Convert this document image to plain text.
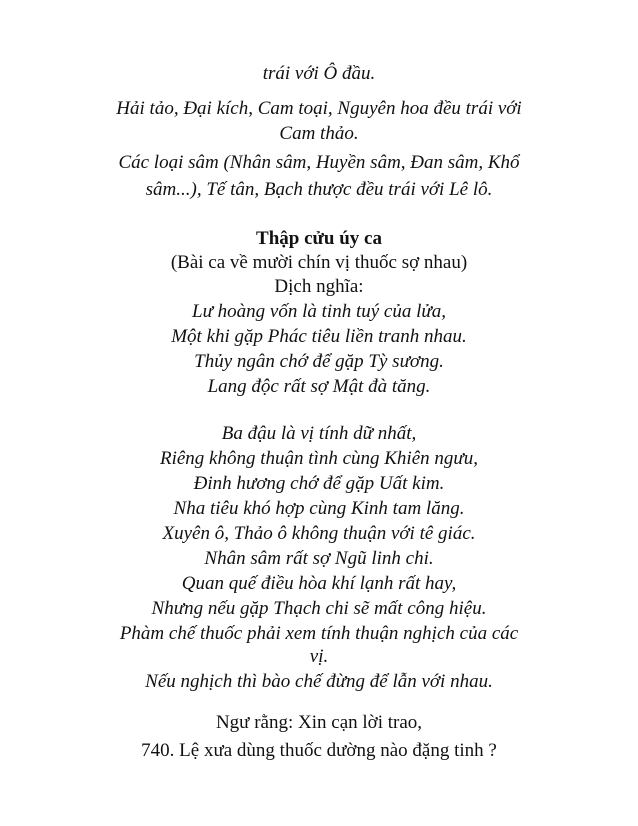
trái với Ô đầu.
Hải tảo, Đại kích, Cam toại, Nguyên hoa đều trái với
Cam thảo.
Các loại sâm (Nhân sâm, Huyền sâm, Đan sâm, Khổ
sâm...), Tế tân, Bạch thược đều trái với Lê lô.
Thập cửu úy ca
(Bài ca về mười chín vị thuốc sợ nhau)
Dịch nghĩa:
Lư hoàng vốn là tinh tuý của lửa,
Một khi gặp Phác tiêu liền tranh nhau.
Thủy ngân chớ để gặp Tỳ sương.
Lang độc rất sợ Mật đà tăng.
Ba đậu là vị tính dữ nhất,
Riêng không thuận tình cùng Khiên ngưu,
Đinh hương chớ để gặp Uất kim.
Nha tiêu khó hợp cùng Kinh tam lăng.
Xuyên ô, Thảo ô không thuận với tê giác.
Nhân sâm rất sợ Ngũ linh chi.
Quan quế điều hòa khí lạnh rất hay,
Nhưng nếu gặp Thạch chi sẽ mất công hiệu.
Phàm chế thuốc phải xem tính thuận nghịch của các
vị.
Nếu nghịch thì bào chế đừng để lẫn với nhau.
Ngư rằng: Xin cạn lời trao,
740. Lệ xưa dùng thuốc dường nào đặng tinh ?
